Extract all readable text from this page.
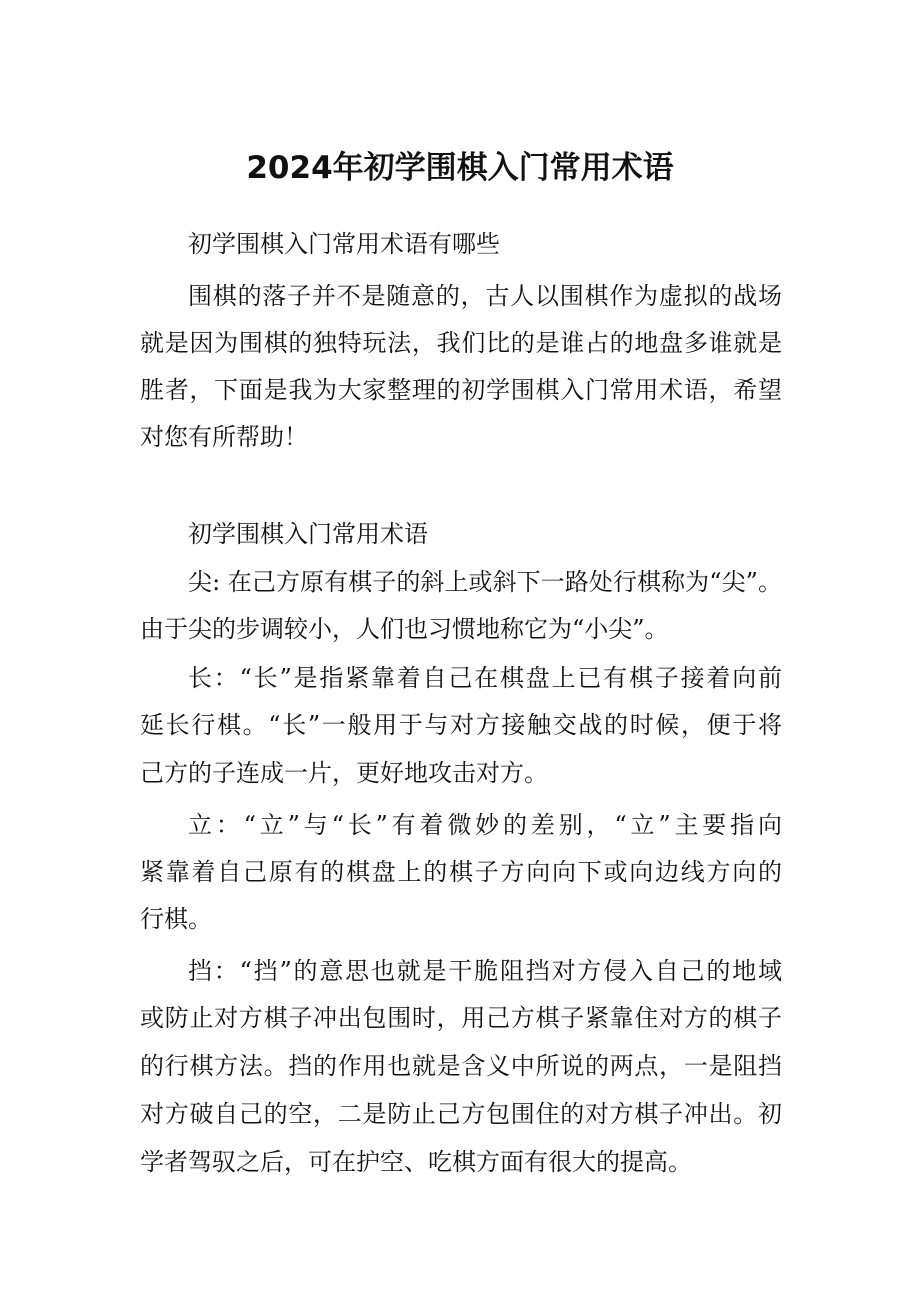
2024年初学围棋入门常用术语
初学围棋入门常用术语有哪些
围棋的落子并不是随意的，古人以围棋作为虚拟的战场
就是因为围棋的独特玩法，我们比的是谁占的地盘多谁就是
胜者，下面是我为大家整理的初学围棋入门常用术语，希望
对您有所帮助！
初学围棋入门常用术语
尖: 在己方原有棋子的斜上或斜下一路处行棋称为“尖”。
由于尖的步调较小，人们也习惯地称它为“小尖”。
长：“长”是指紧靠着自己在棋盘上已有棋子接着向前
延长行棋。“长”一般用于与对方接触交战的时候，便于将
己方的子连成一片，更好地攻击对方。
立：“立”与“长”有着微妙的差别，“立”主要指向
紧靠着自己原有的棋盘上的棋子方向向下或向边线方向的
行棋。
挡：“挡”的意思也就是干脆阻挡对方侵入自己的地域
或防止对方棋子冲出包围时，用己方棋子紧靠住对方的棋子
的行棋方法。挡的作用也就是含义中所说的两点，一是阻挡
对方破自己的空，二是防止己方包围住的对方棋子冲出。初
学者驾驭之后，可在护空、吃棋方面有很大的提高。
